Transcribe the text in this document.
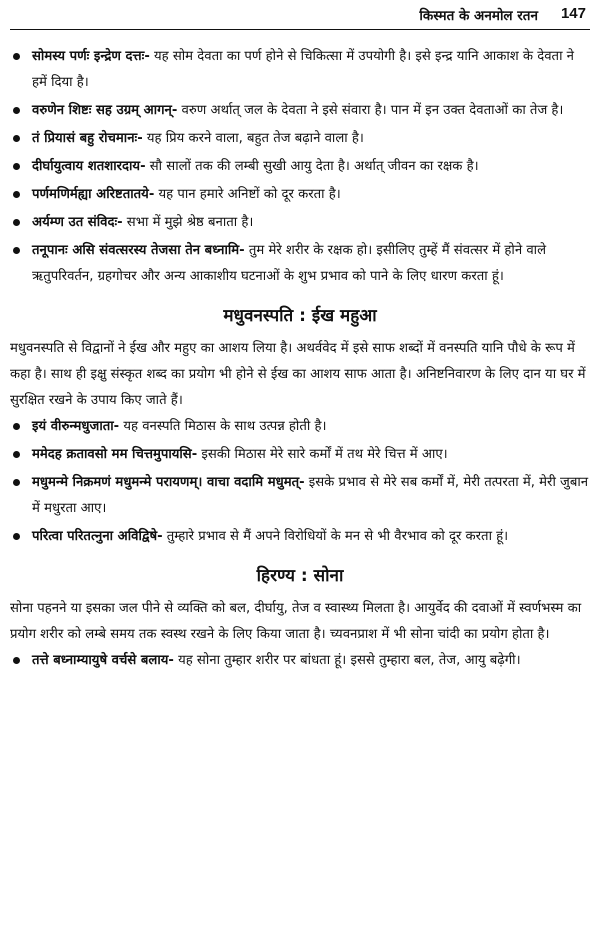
किस्मत के अनमोल रतन 147
सोमस्य पर्णः इन्द्रेण दत्तः- यह सोम देवता का पर्ण होने से चिकित्सा में उपयोगी है। इसे इन्द्र यानि आकाश के देवता ने हमें दिया है।
वरुणेन शिष्टः सह उग्रम् आगन्- वरुण अर्थात् जल के देवता ने इसे संवारा है। पान में इन उक्त देवताओं का तेज है।
तं प्रियासं बहु रोचमानः- यह प्रिय करने वाला, बहुत तेज बढ़ाने वाला है।
दीर्घायुत्वाय शतशारदाय- सौ सालों तक की लम्बी सुखी आयु देता है। अर्थात् जीवन का रक्षक है।
पर्णमणिर्मह्या अरिष्टतातये- यह पान हमारे अनिष्टों को दूर करता है।
अर्यम्ण उत संविदः- सभा में मुझे श्रेष्ठ बनाता है।
तनूपानः असि संवत्सरस्य तेजसा तेन बध्नामि- तुम मेरे शरीर के रक्षक हो। इसीलिए तुम्हें मैं संवत्सर में होने वाले ऋतुपरिवर्तन, ग्रहगोचर और अन्य आकाशीय घटनाओं के शुभ प्रभाव को पाने के लिए धारण करता हूं।
मधुवनस्पति : ईख महुआ

मधुवनस्पति से विद्वानों ने ईख और महुए का आशय लिया है। अथर्ववेद में इसे साफ शब्दों में वनस्पति यानि पौधे के रूप में कहा है। साथ ही इक्षु संस्कृत शब्द का प्रयोग भी होने से ईख का आशय साफ आता है। अनिष्टनिवारण के लिए दान या घर में सुरक्षित रखने के उपाय किए जाते हैं।

इयं वीरुन्मधुजाता- यह वनस्पति मिठास के साथ उत्पन्न होती है।
ममेदह क्रतावसो मम चित्तमुपायसि- इसकी मिठास मेरे सारे कर्मों में तथ मेरे चित्त में आए।
मधुमन्मे निक्रमणं मधुमन्मे परायणम्। वाचा वदामि मधुमत्- इसके प्रभाव से मेरे सब कर्मों में, मेरी तत्परता में, मेरी जुबान में मधुरता आए।
परित्वा परितत्नुना अविद्विषे- तुम्हारे प्रभाव से मैं अपने विरोधियों के मन से भी वैरभाव को दूर करता हूं।
हिरण्य : सोना

सोना पहनने या इसका जल पीने से व्यक्ति को बल, दीर्घायु, तेज व स्वास्थ्य मिलता है। आयुर्वेद की दवाओं में स्वर्णभस्म का प्रयोग शरीर को लम्बे समय तक स्वस्थ रखने के लिए किया जाता है। च्यवनप्राश में भी सोना चांदी का प्रयोग होता है।

तत्ते बध्नाम्यायुषे वर्चसे बलाय- यह सोना तुम्हार शरीर पर बांधता हूं। इससे तुम्हारा बल, तेज, आयु बढ़ेगी।
